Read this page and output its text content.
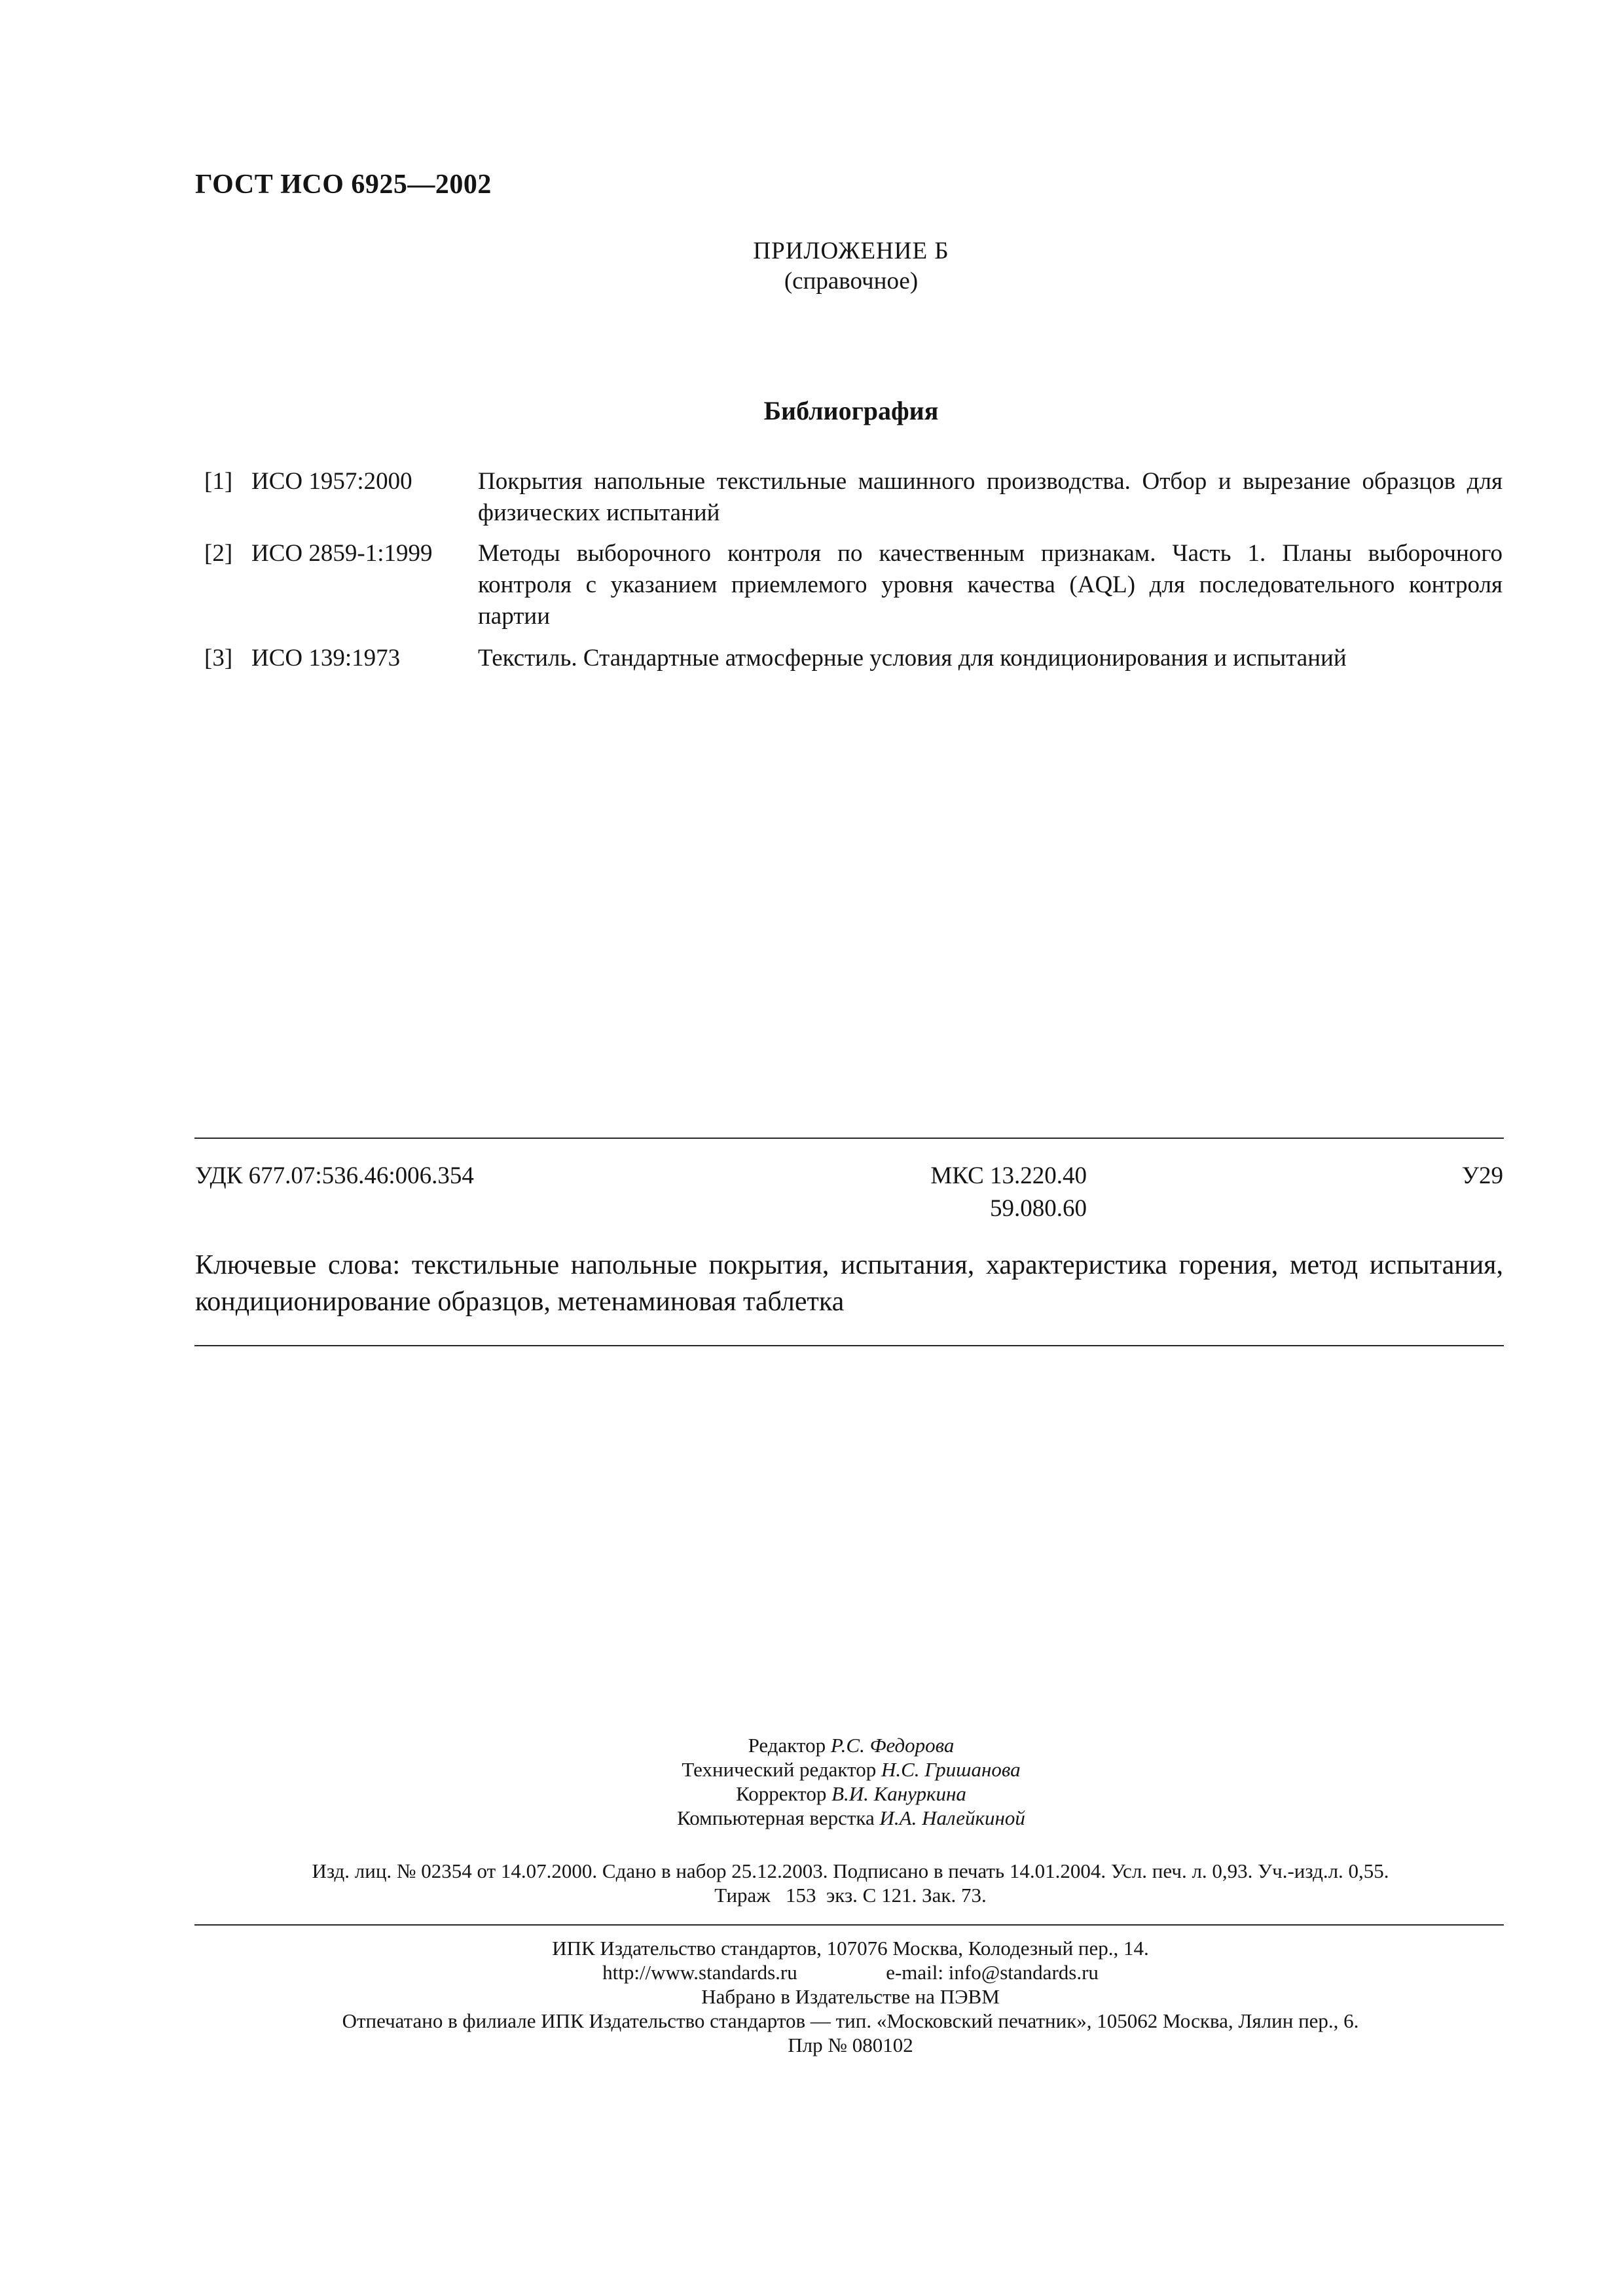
ГОСТ ИСО 6925—2002
ПРИЛОЖЕНИЕ Б
(справочное)
Библиография
[1] ИСО 1957:2000	Покрытия напольные текстильные машинного производства. Отбор и вырезание образцов для физических испытаний
[2] ИСО 2859-1:1999 Методы выборочного контроля по качественным признакам. Часть 1. Планы выборочного контроля с указанием приемлемого уровня качества (AQL) для последовательного контроля партии
[3] ИСО 139:1973	Текстиль. Стандартные атмосферные условия для кондиционирования и испытаний
УДК 677.07:536.46:006.354	МКС 13.220.40
59.080.60
У29
Ключевые слова: текстильные напольные покрытия, испытания, характеристика горения, метод испытания, кондиционирование образцов, метенаминовая таблетка
Редактор Р.С. Федорова
Технический редактор Н.С. Гришанова
Корректор В.И. Кануркина
Компьютерная верстка И.А. Налейкиной
Изд. лиц. № 02354 от 14.07.2000. Сдано в набор 25.12.2003. Подписано в печать 14.01.2004. Усл. печ. л. 0,93. Уч.-изд.л. 0,55.
Тираж   153  экз. С 121. Зак. 73.
ИПК Издательство стандартов, 107076 Москва, Колодезный пер., 14.
http://www.standards.ru	e-mail: info@standards.ru
Набрано в Издательстве на ПЭВМ
Отпечатано в филиале ИПК Издательство стандартов — тип. «Московский печатник», 105062 Москва, Лялин пер., 6.
Плр № 080102
